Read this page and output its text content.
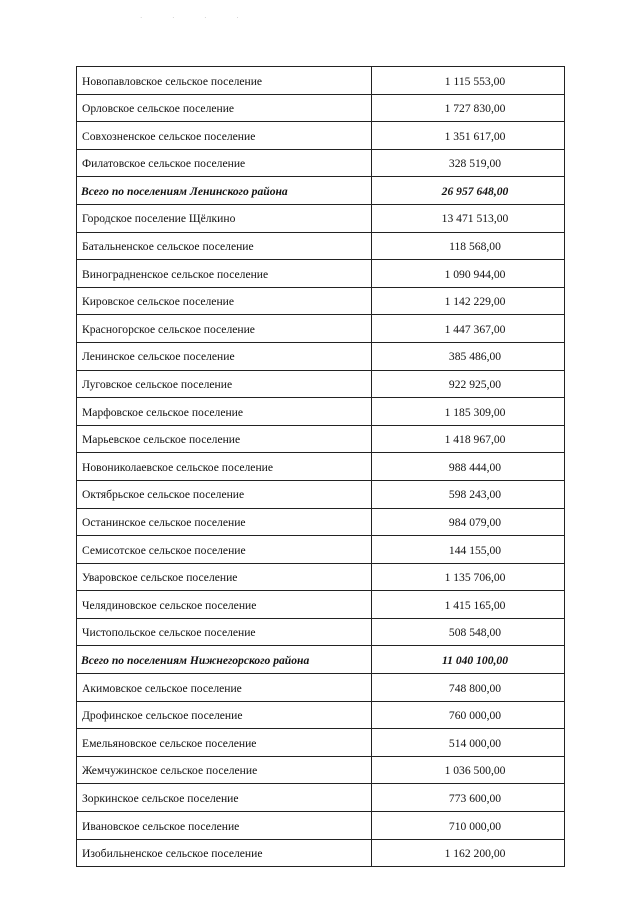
· · · ·
Новопавловское сельское поселение	1 115 553,00
Орловское сельское поселение	1 727 830,00
Совхозненское сельское поселение	1 351 617,00
Филатовское сельское поселение	328 519,00
Всего по поселениям Ленинского района	26 957 648,00
Городское поселение Щёлкино	13 471 513,00
Батальненское сельское поселение	118 568,00
Виноградненское сельское поселение	1 090 944,00
Кировское сельское поселение	1 142 229,00
Красногорское сельское поселение	1 447 367,00
Ленинское сельское поселение	385 486,00
Луговское сельское поселение	922 925,00
Марфовское сельское поселение	1 185 309,00
Марьевское сельское поселение	1 418 967,00
Новониколаевское сельское поселение	988 444,00
Октябрьское сельское поселение	598 243,00
Останинское сельское поселение	984 079,00
Семисотское сельское поселение	144 155,00
Уваровское сельское поселение	1 135 706,00
Челядиновское сельское поселение	1 415 165,00
Чистопольское сельское поселение	508 548,00
Всего по поселениям Нижнегорского района	11 040 100,00
Акимовское сельское поселение	748 800,00
Дрофинское сельское поселение	760 000,00
Емельяновское сельское поселение	514 000,00
Жемчужинское сельское поселение	1 036 500,00
Зоркинское сельское поселение	773 600,00
Ивановское сельское поселение	710 000,00
Изобильненское сельское поселение	1 162 200,00
